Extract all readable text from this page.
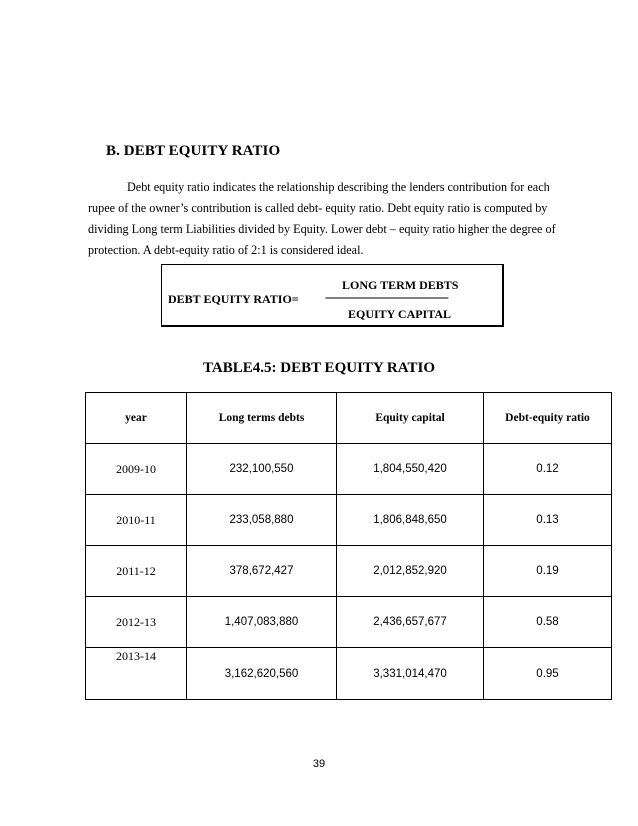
B. DEBT EQUITY RATIO
Debt equity ratio indicates the relationship describing the lenders contribution for each
rupee of the owner’s contribution is called debt- equity ratio. Debt equity ratio is computed by
dividing Long term Liabilities divided by Equity. Lower debt – equity ratio higher the degree of
protection. A debt-equity ratio of 2:1 is considered ideal.
DEBT EQUITY RATIO=
LONG TERM DEBTS
-----------------------------------------
EQUITY CAPITAL
TABLE4.5: DEBT EQUITY RATIO
year	Long terms debts	Equity capital	Debt-equity ratio
2009-10	232,100,550	1,804,550,420	0.12
2010-11	233,058,880	1,806,848,650	0.13
2011-12	378,672,427	2,012,852,920	0.19
2012-13	1,407,083,880	2,436,657,677	0.58
2013-14	3,162,620,560	3,331,014,470	0.95
39
